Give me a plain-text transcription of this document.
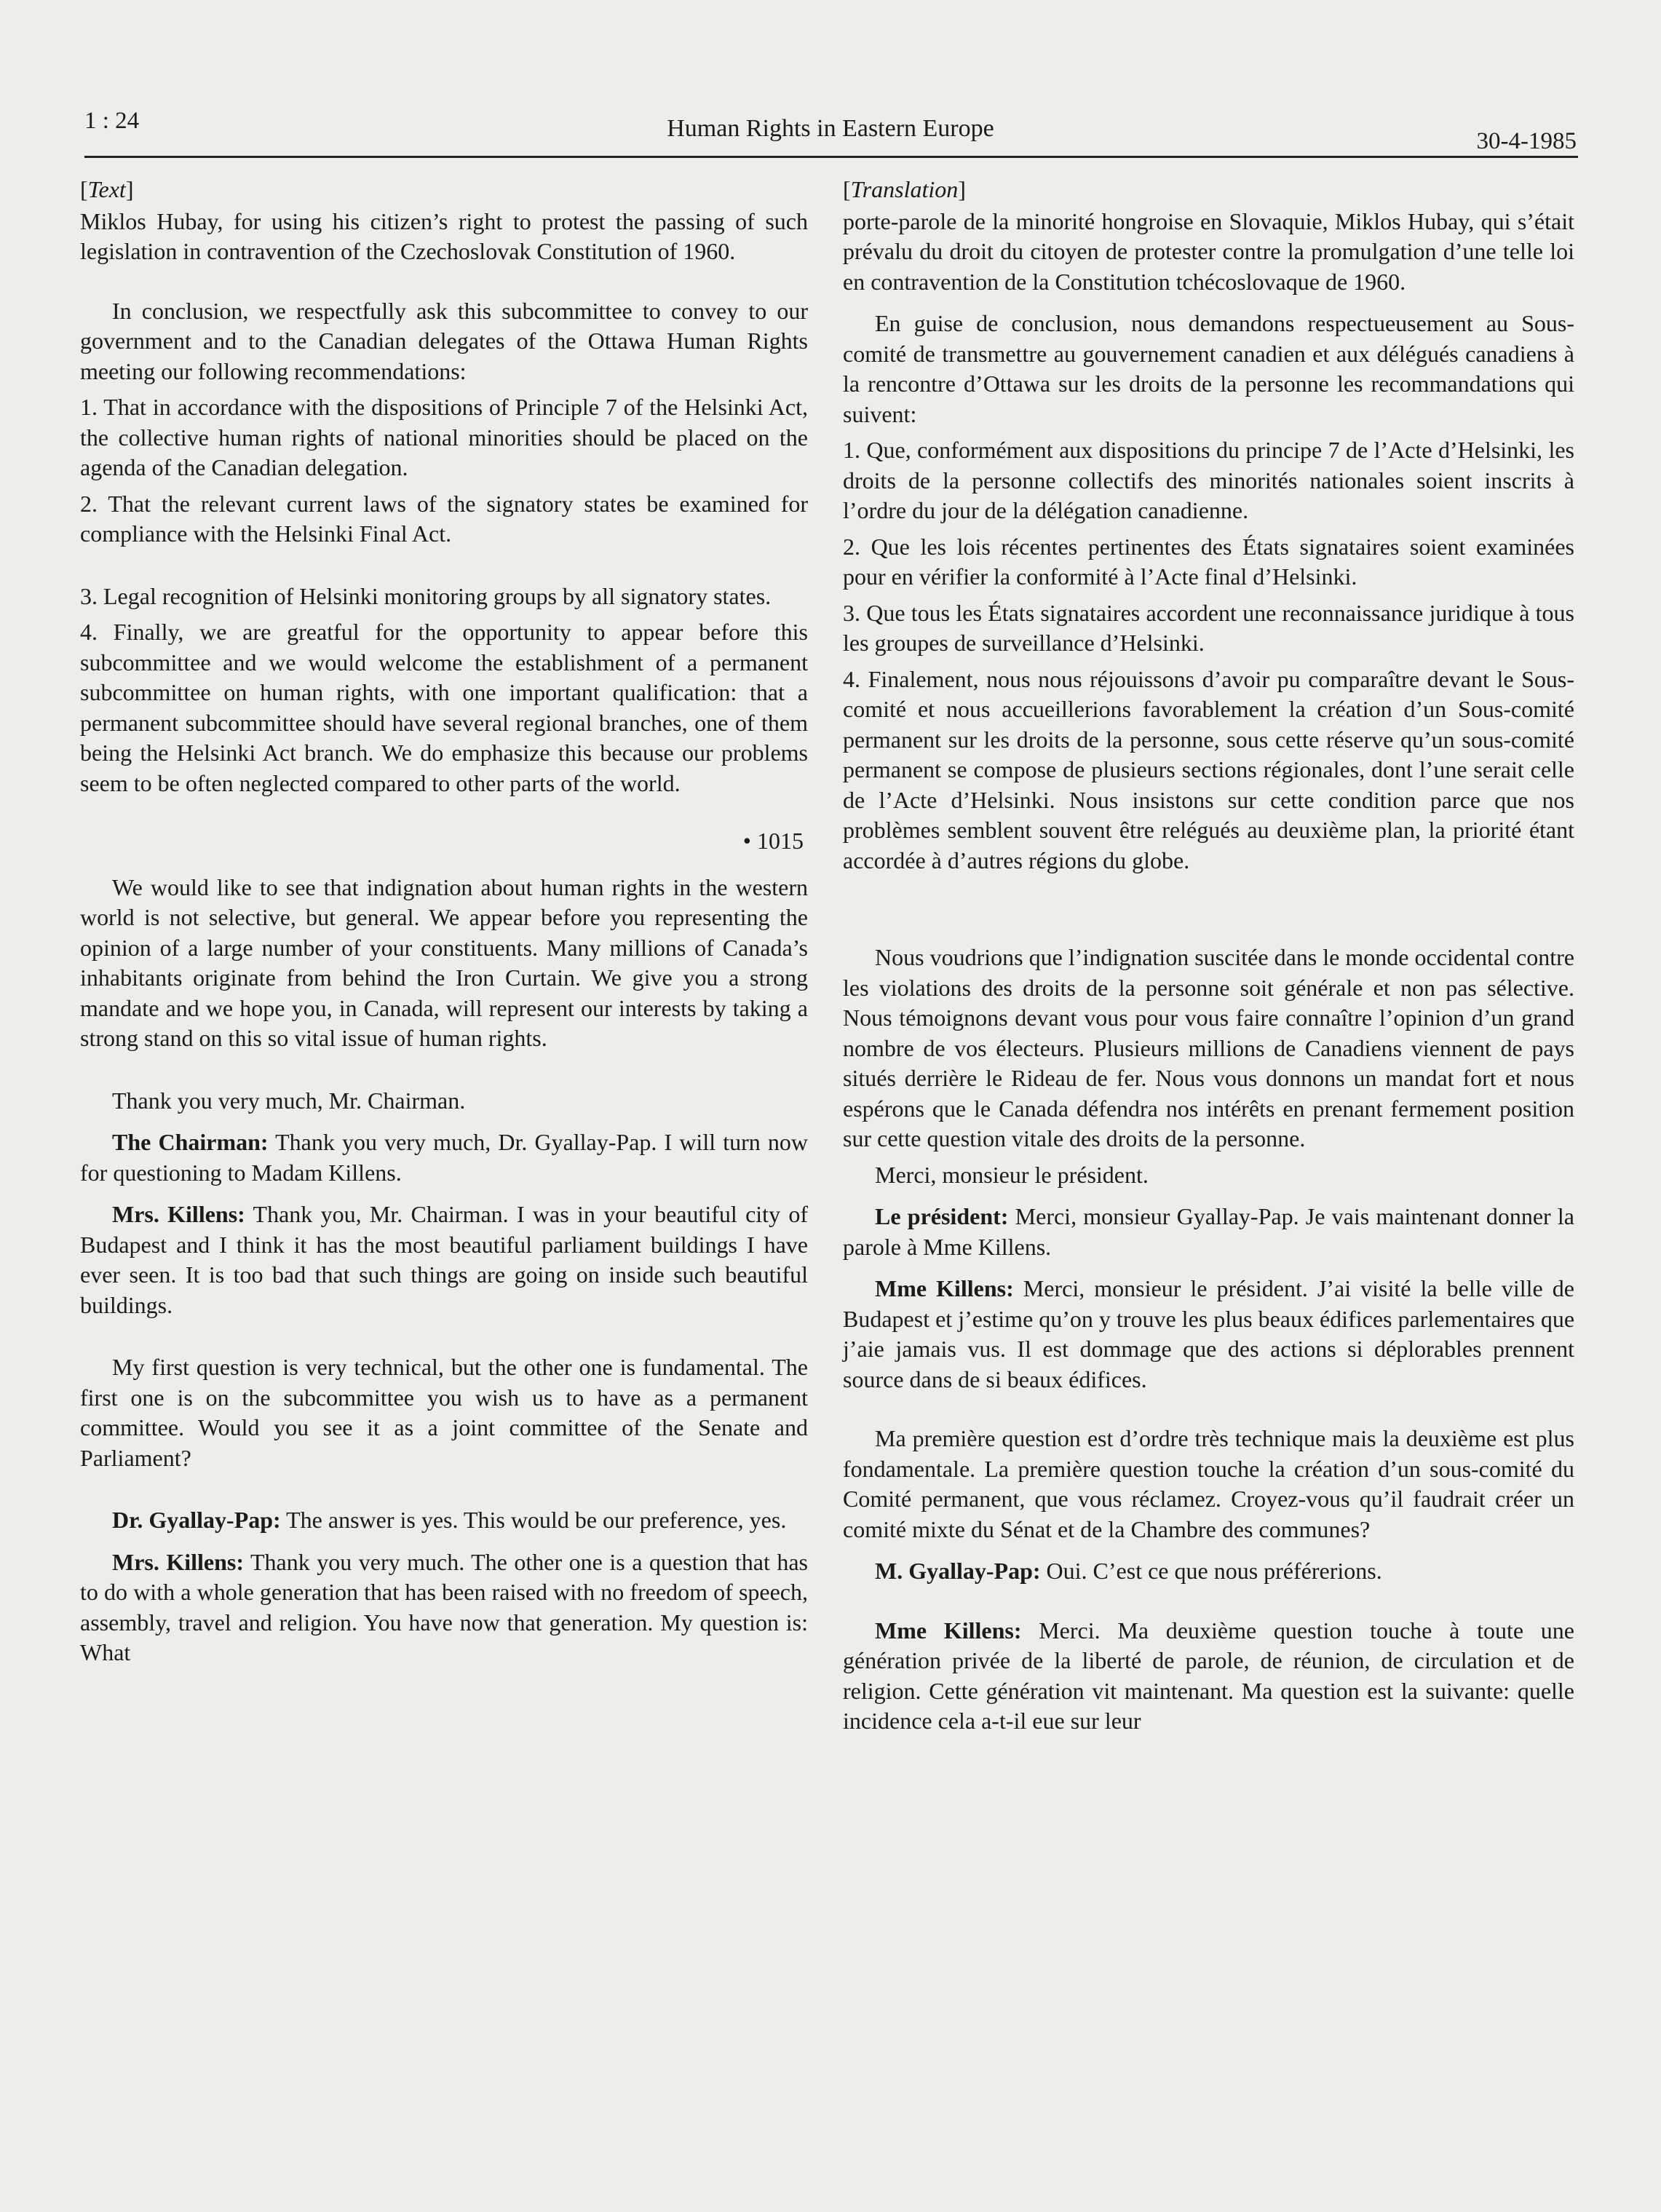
1 : 24	Human Rights in Eastern Europe	30-4-1985
[Text]

Miklos Hubay, for using his citizen’s right to protest the passing of such legislation in contravention of the Czechoslovak Constitution of 1960.

In conclusion, we respectfully ask this subcommittee to convey to our government and to the Canadian delegates of the Ottawa Human Rights meeting our following recommendations:

1. That in accordance with the dispositions of Principle 7 of the Helsinki Act, the collective human rights of national minorities should be placed on the agenda of the Canadian delegation.

2. That the relevant current laws of the signatory states be examined for compliance with the Helsinki Final Act.

3. Legal recognition of Helsinki monitoring groups by all signatory states.

4. Finally, we are greatful for the opportunity to appear before this subcommittee and we would welcome the establishment of a permanent subcommittee on human rights, with one important qualification: that a permanent subcommittee should have several regional branches, one of them being the Helsinki Act branch. We do emphasize this because our problems seem to be often neglected compared to other parts of the world.

• 1015

We would like to see that indignation about human rights in the western world is not selective, but general. We appear before you representing the opinion of a large number of your constituents. Many millions of Canada’s inhabitants originate from behind the Iron Curtain. We give you a strong mandate and we hope you, in Canada, will represent our interests by taking a strong stand on this so vital issue of human rights.

Thank you very much, Mr. Chairman.

The Chairman: Thank you very much, Dr. Gyallay-Pap. I will turn now for questioning to Madam Killens.

Mrs. Killens: Thank you, Mr. Chairman. I was in your beautiful city of Budapest and I think it has the most beautiful parliament buildings I have ever seen. It is too bad that such things are going on inside such beautiful buildings.

My first question is very technical, but the other one is fundamental. The first one is on the subcommittee you wish us to have as a permanent committee. Would you see it as a joint committee of the Senate and Parliament?

Dr. Gyallay-Pap: The answer is yes. This would be our preference, yes.

Mrs. Killens: Thank you very much. The other one is a question that has to do with a whole generation that has been raised with no freedom of speech, assembly, travel and religion. You have now that generation. My question is: What

[Translation]

porte-parole de la minorité hongroise en Slovaquie, Miklos Hubay, qui s’était prévalu du droit du citoyen de protester contre la promulgation d’une telle loi en contravention de la Constitution tchécoslovaque de 1960.

En guise de conclusion, nous demandons respectueusement au Sous-comité de transmettre au gouvernement canadien et aux délégués canadiens à la rencontre d’Ottawa sur les droits de la personne les recommandations qui suivent:

1. Que, conformément aux dispositions du principe 7 de l’Acte d’Helsinki, les droits de la personne collectifs des minorités nationales soient inscrits à l’ordre du jour de la délégation canadienne.

2. Que les lois récentes pertinentes des États signataires soient examinées pour en vérifier la conformité à l’Acte final d’Helsinki.

3. Que tous les États signataires accordent une reconnaissance juridique à tous les groupes de surveillance d’Helsinki.

4. Finalement, nous nous réjouissons d’avoir pu comparaître devant le Sous-comité et nous accueillerions favorablement la création d’un Sous-comité permanent sur les droits de la personne, sous cette réserve qu’un sous-comité permanent se compose de plusieurs sections régionales, dont l’une serait celle de l’Acte d’Helsinki. Nous insistons sur cette condition parce que nos problèmes semblent souvent être relégués au deuxième plan, la priorité étant accordée à d’autres régions du globe.

Nous voudrions que l’indignation suscitée dans le monde occidental contre les violations des droits de la personne soit générale et non pas sélective. Nous témoignons devant vous pour vous faire connaître l’opinion d’un grand nombre de vos électeurs. Plusieurs millions de Canadiens viennent de pays situés derrière le Rideau de fer. Nous vous donnons un mandat fort et nous espérons que le Canada défendra nos intérêts en prenant fermement position sur cette question vitale des droits de la personne.

Merci, monsieur le président.

Le président: Merci, monsieur Gyallay-Pap. Je vais maintenant donner la parole à Mme Killens.

Mme Killens: Merci, monsieur le président. J’ai visité la belle ville de Budapest et j’estime qu’on y trouve les plus beaux édifices parlementaires que j’aie jamais vus. Il est dommage que des actions si déplorables prennent source dans de si beaux édifices.

Ma première question est d’ordre très technique mais la deuxième est plus fondamentale. La première question touche la création d’un sous-comité du Comité permanent, que vous réclamez. Croyez-vous qu’il faudrait créer un comité mixte du Sénat et de la Chambre des communes?

M. Gyallay-Pap: Oui. C’est ce que nous préférerions.

Mme Killens: Merci. Ma deuxième question touche à toute une génération privée de la liberté de parole, de réunion, de circulation et de religion. Cette génération vit maintenant. Ma question est la suivante: quelle incidence cela a-t-il eue sur leur
